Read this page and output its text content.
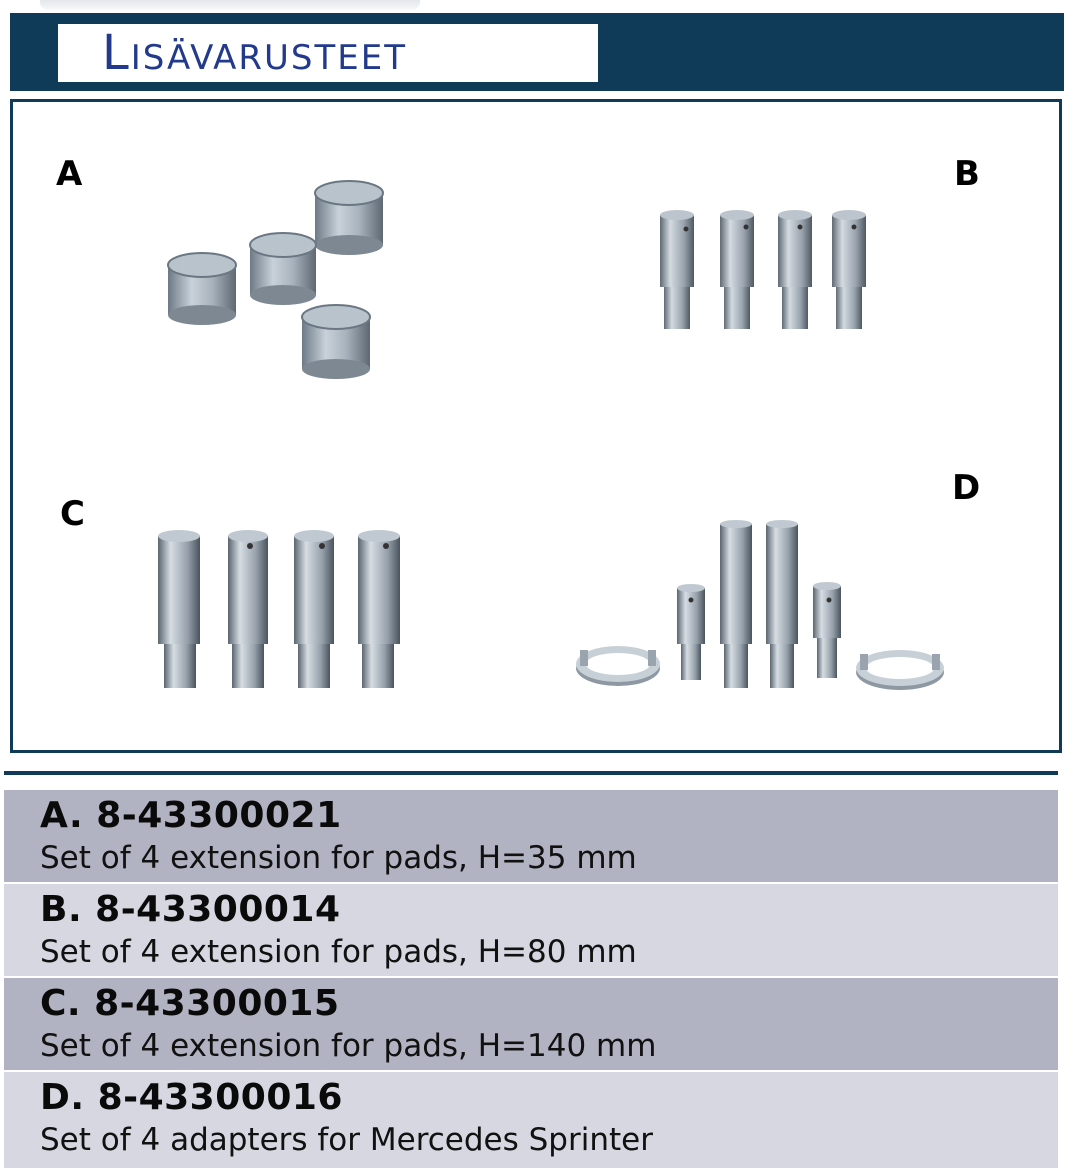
Lisävarusteet
A	B
C
D
A. 8-43300021
Set of 4 extension for pads, H=35 mm
B. 8-43300014
Set of 4 extension for pads, H=80 mm
C. 8-43300015
Set of 4 extension for pads, H=140 mm
D. 8-43300016
Set of 4 adapters for Mercedes Sprinter
